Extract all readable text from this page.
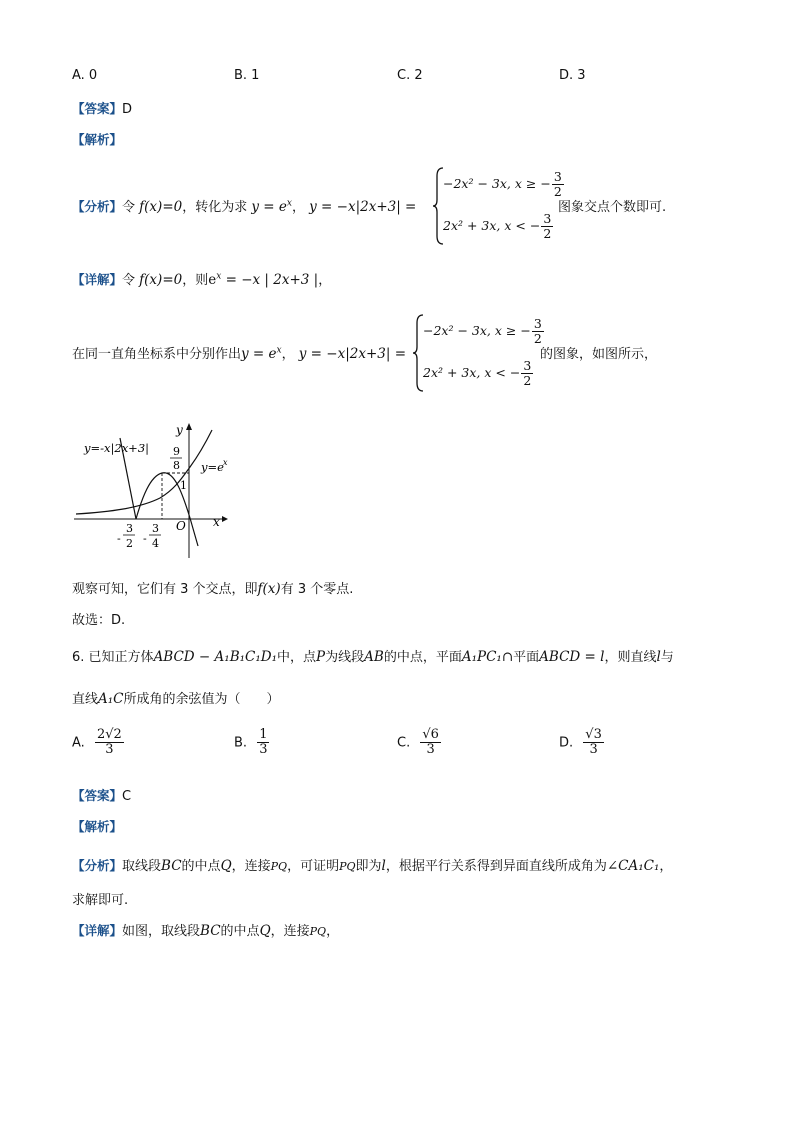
A. 0	B. 1	C. 2	D. 3
【答案】D
【解析】
【分析】令 f(x)=0，转化为求 $y = e^x$， y = −x|2x+3| =
−2x² − 3x, x ≥ − $\frac{3}{2}$
2x² + 3x, x < − $\frac{3}{2}$
图象交点个数即可.
【详解】令 f(x)=0，则$e^x = -x$ | 2x+3 |，
在同一直角坐标系中分别作出$y = e^x$， y = −x|2x+3| =
−2x² − 3x, x ≥ − $\frac{3}{2}$
2x² + 3x, x < − $\frac{3}{2}$
的图象，如图所示，
y=-x|2x+3|
y=e x
y
x
O
9
8
1
-
3
2 -
3
4
观察可知，它们有 3 个交点，即f(x)有 3 个零点.
故选：D.
6. 已知正方体ABCD − A₁B₁C₁D₁中，点P为线段AB的中点，平面A₁PC₁∩平面ABCD = l，则直线l与
直线A₁C所成角的余弦值为（　　）
A. $\frac{2√2}{3}$	B. $\frac{1}{3}$	C. $\frac{√6}{3}$	D. $\frac{√3}{3}$
【答案】C
【解析】
【分析】取线段BC的中点Q，连接PQ，可证明PQ即为l，根据平行关系得到异面直线所成角为∠CA₁C₁，
求解即可.
【详解】如图，取线段BC的中点Q，连接PQ，
